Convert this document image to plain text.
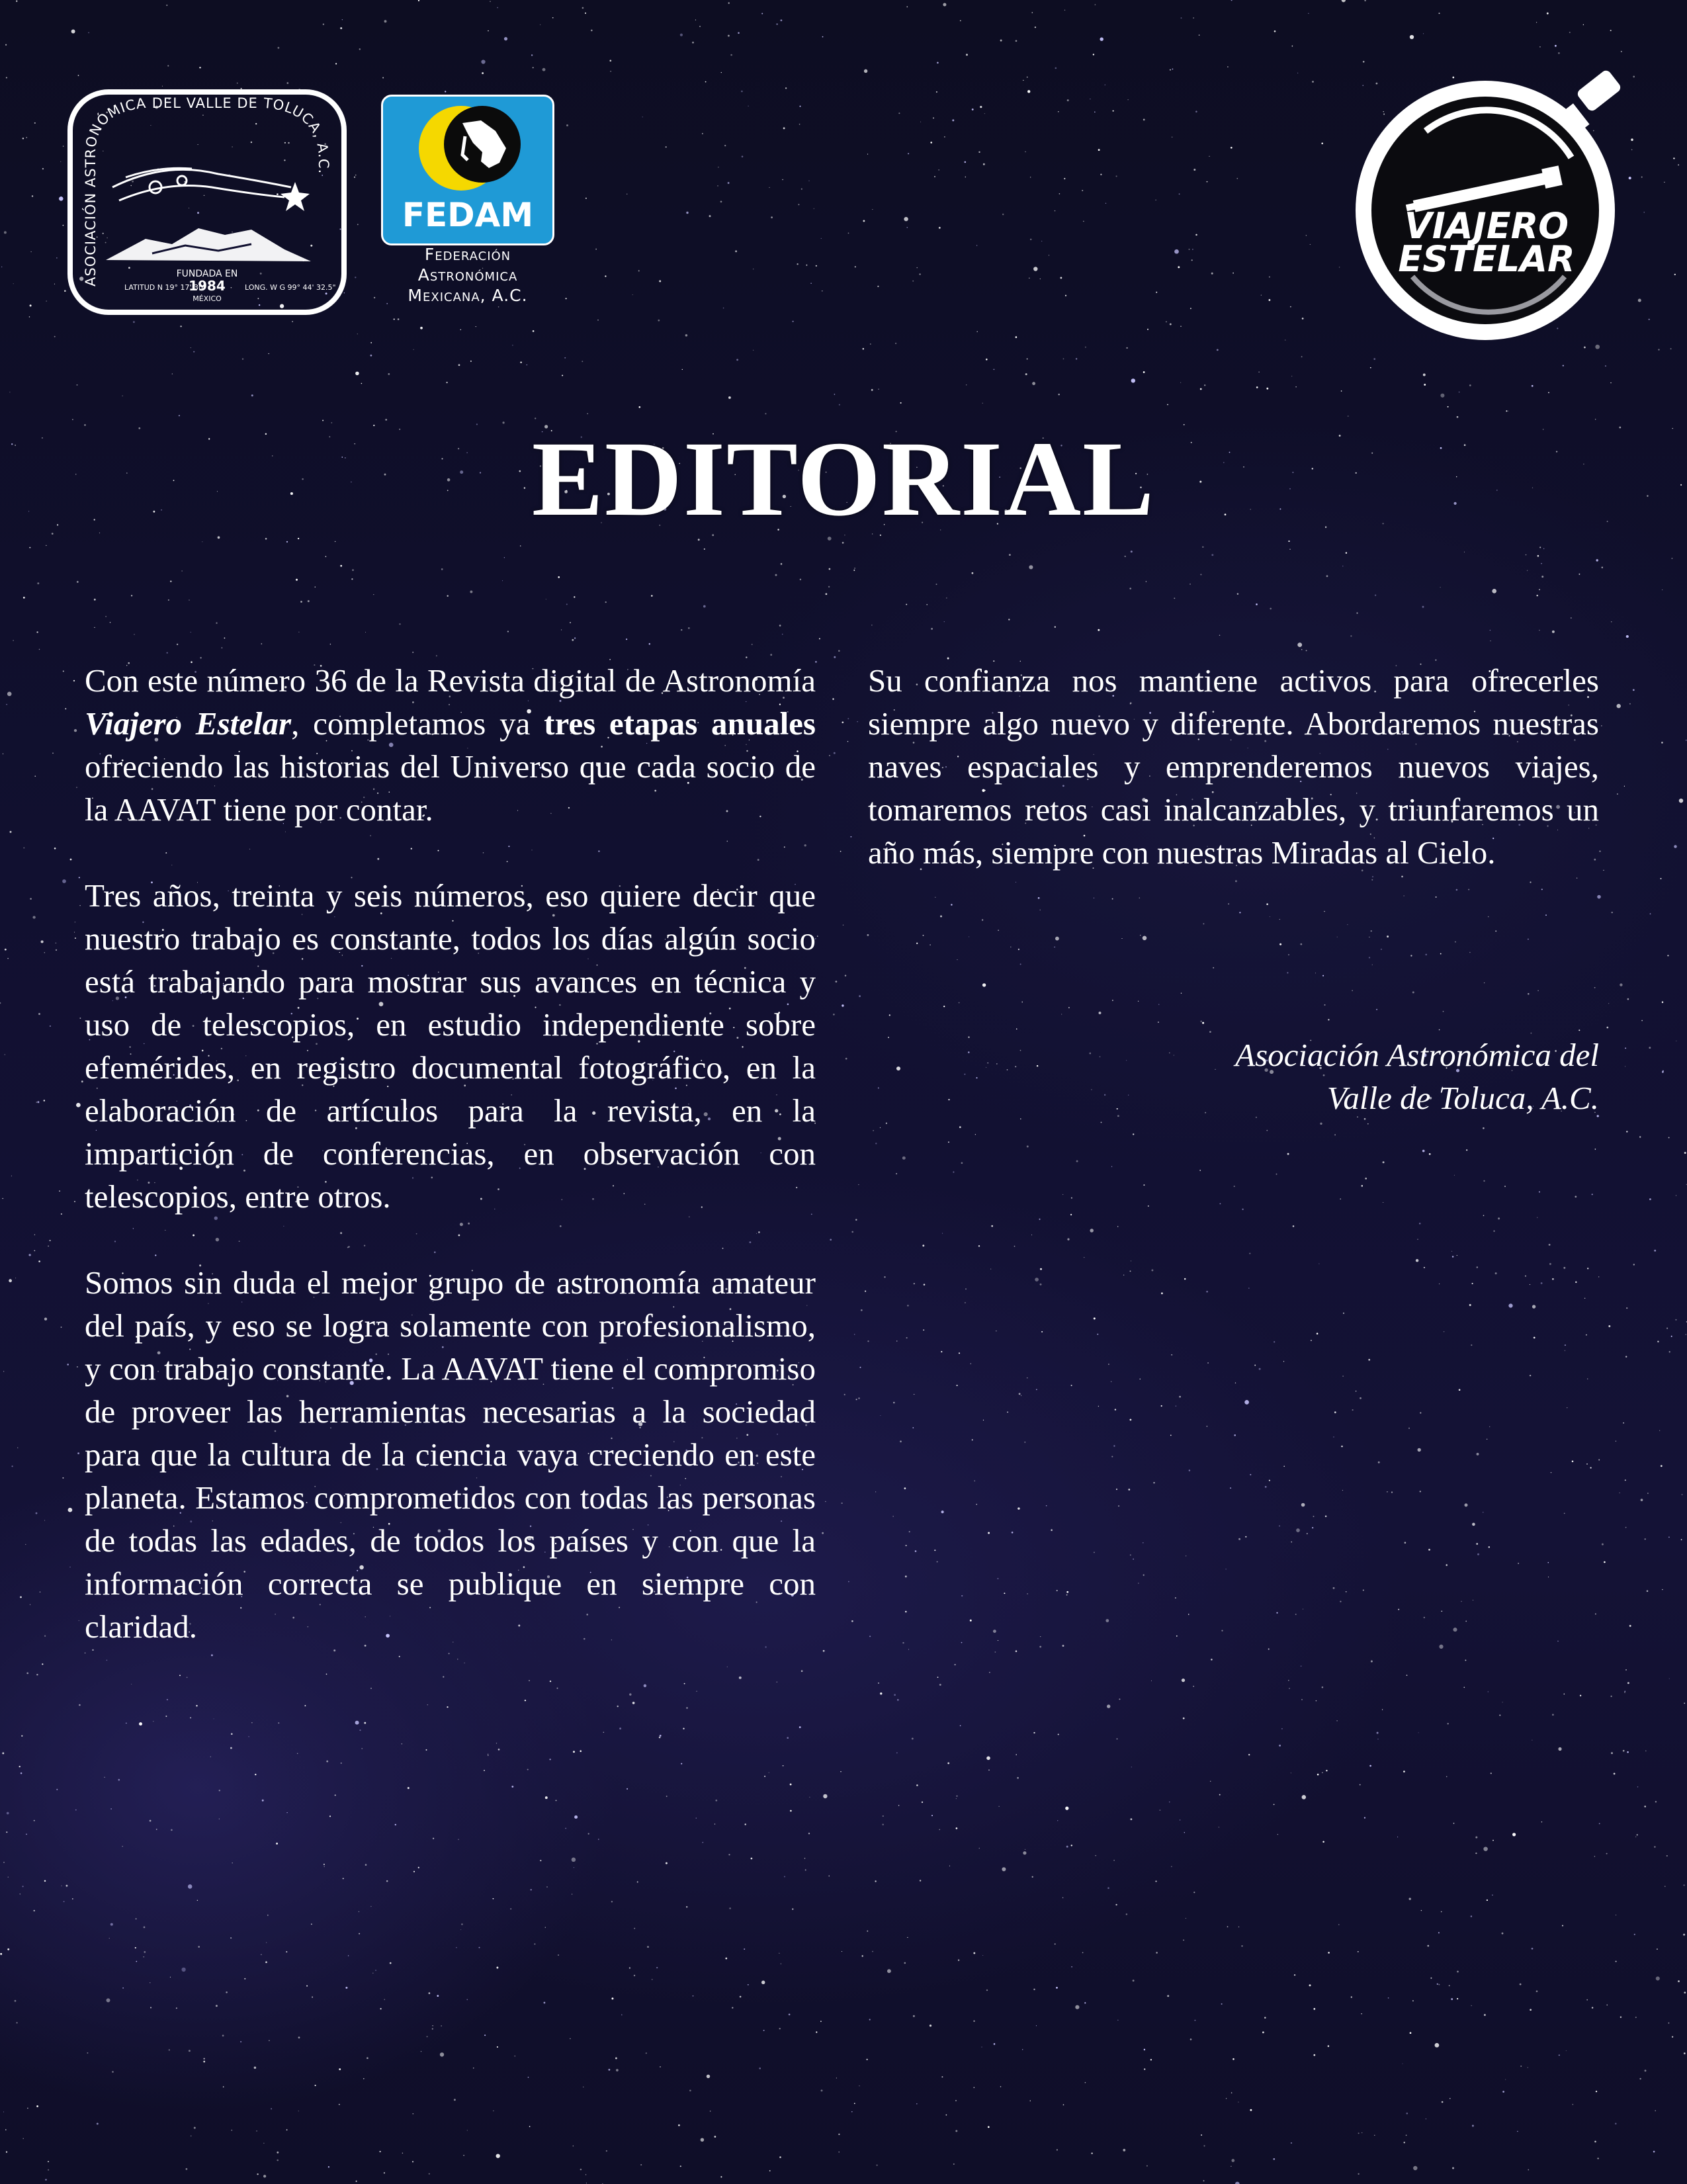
ASOCIACIÓN ASTRONÓMICA DEL VALLE DE TOLUCA, A.C.
FUNDADA EN
1984
MÉXICO
LATITUD N 19° 17' 30"	LONG. W G 99° 44' 32.5"
FEDAM
Federación
Astronómica
Mexicana, A.C.
VIAJERO
ESTELAR
EDITORIAL

Con este número 36 de la Revista digital de Astronomía Viajero Estelar, completamos ya tres etapas anuales ofreciendo las historias del Universo que cada socio de la AAVAT tiene por contar.

Tres años, treinta y seis números, eso quiere decir que nuestro trabajo es constante, todos los días algún socio está trabajando para mostrar sus avances en técnica y uso de telescopios, en estudio independiente sobre efemérides, en registro documental fotográfico, en la elaboración de artículos para la revista, en la impartición de conferencias, en observación con telescopios, entre otros.

Somos sin duda el mejor grupo de astronomía amateur del país, y eso se logra solamente con profesionalismo, y con trabajo constante. La AAVAT tiene el compromiso de proveer las herramientas necesarias a la sociedad para que la cultura de la ciencia vaya creciendo en este planeta. Estamos comprometidos con todas las personas de todas las edades, de todos los países y con que la información correcta se publique en siempre con claridad.

Su confianza nos mantiene activos para ofrecerles siempre algo nuevo y diferente. Abordaremos nuestras naves espaciales y emprenderemos nuevos viajes, tomaremos retos casi inalcanzables, y triunfaremos un año más, siempre con nuestras Miradas al Cielo.

Asociación Astronómica del
Valle de Toluca, A.C.
